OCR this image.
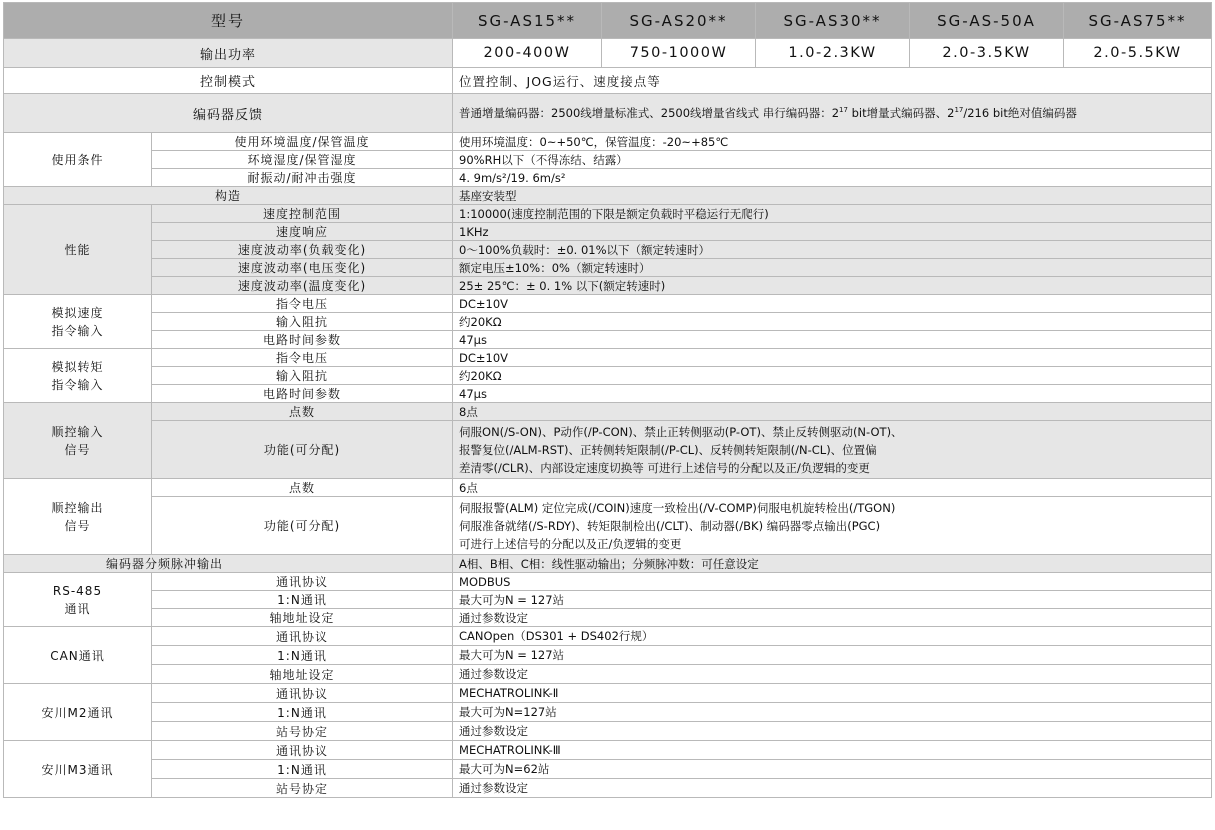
型号		SG-AS15**	SG-AS20**	SG-AS30**	SG-AS-50A	SG-AS75**
输出功率		200-400W	750-1000W	1.0-2.3KW	2.0-3.5KW	2.0-5.5KW
控制模式		位置控制、JOG运行、速度接点等				
编码器反馈		普通增量编码器：2500线增量标准式、2500线增量省线式 串行编码器：$2^{17}$ bit增量式编码器、$2^{17}/216$ bit绝对值编码器				
使用条件	使用环境温度/保管温度	使用环境温度：0~+50℃，保管温度：-20~+85℃				
	环境湿度/保管湿度	90%RH以下（不得冻结、结露）				
	耐振动/耐冲击强度	4. 9m/s²/19. 6m/s²				
构造		基座安装型				
性能	速度控制范围	1:10000(速度控制范围的下限是额定负载时平稳运行无爬行)				
	速度响应	1KHz				
	速度波动率(负载变化)	0～100%负载时：±0. 01%以下（额定转速时）				
	速度波动率(电压变化)	额定电压±10%：0%（额定转速时）				
	速度波动率(温度变化)	25± 25℃：± 0. 1% 以下(额定转速时)				
模拟速度
指令输入	指令电压	DC±10V				
	输入阻抗	约20KΩ				
	电路时间参数	47μs				
模拟转矩
指令输入	指令电压	DC±10V				
	输入阻抗	约20KΩ				
	电路时间参数	47μs				
顺控输入
信号	点数	8点				
	功能(可分配)	伺服ON(/S-ON)、P动作(/P-CON)、禁止正转侧驱动(P-OT)、禁止反转侧驱动(N-OT)、
报警复位(/ALM-RST)、正转侧转矩限制(/P-CL)、反转侧转矩限制(/N-CL)、位置偏
差清零(/CLR)、内部设定速度切换等 可进行上述信号的分配以及正/负逻辑的变更				
顺控输出
信号	点数	6点				
	功能(可分配)	伺服报警(ALM) 定位完成(/COIN)速度一致检出(/V-COMP)伺服电机旋转检出(/TGON)
伺服准备就绪(/S-RDY)、转矩限制检出(/CLT)、制动器(/BK) 编码器零点输出(PGC)
可进行上述信号的分配以及正/负逻辑的变更				
编码器分频脉冲输出		A相、B相、C相：线性驱动输出；分频脉冲数：可任意设定				
RS-485
通讯	通讯协议	MODBUS				
	1:N通讯	最大可为N = 127站				
	轴地址设定	通过参数设定				
CAN通讯	通讯协议	CANOpen（DS301 + DS402行规）				
	1:N通讯	最大可为N = 127站				
	轴地址设定	通过参数设定				
安川M2通讯	通讯协议	MECHATROLINK-Ⅱ				
	1:N通讯	最大可为N=127站				
	站号协定	通过参数设定				
安川M3通讯	通讯协议	MECHATROLINK-Ⅲ				
	1:N通讯	最大可为N=62站				
	站号协定	通过参数设定				
